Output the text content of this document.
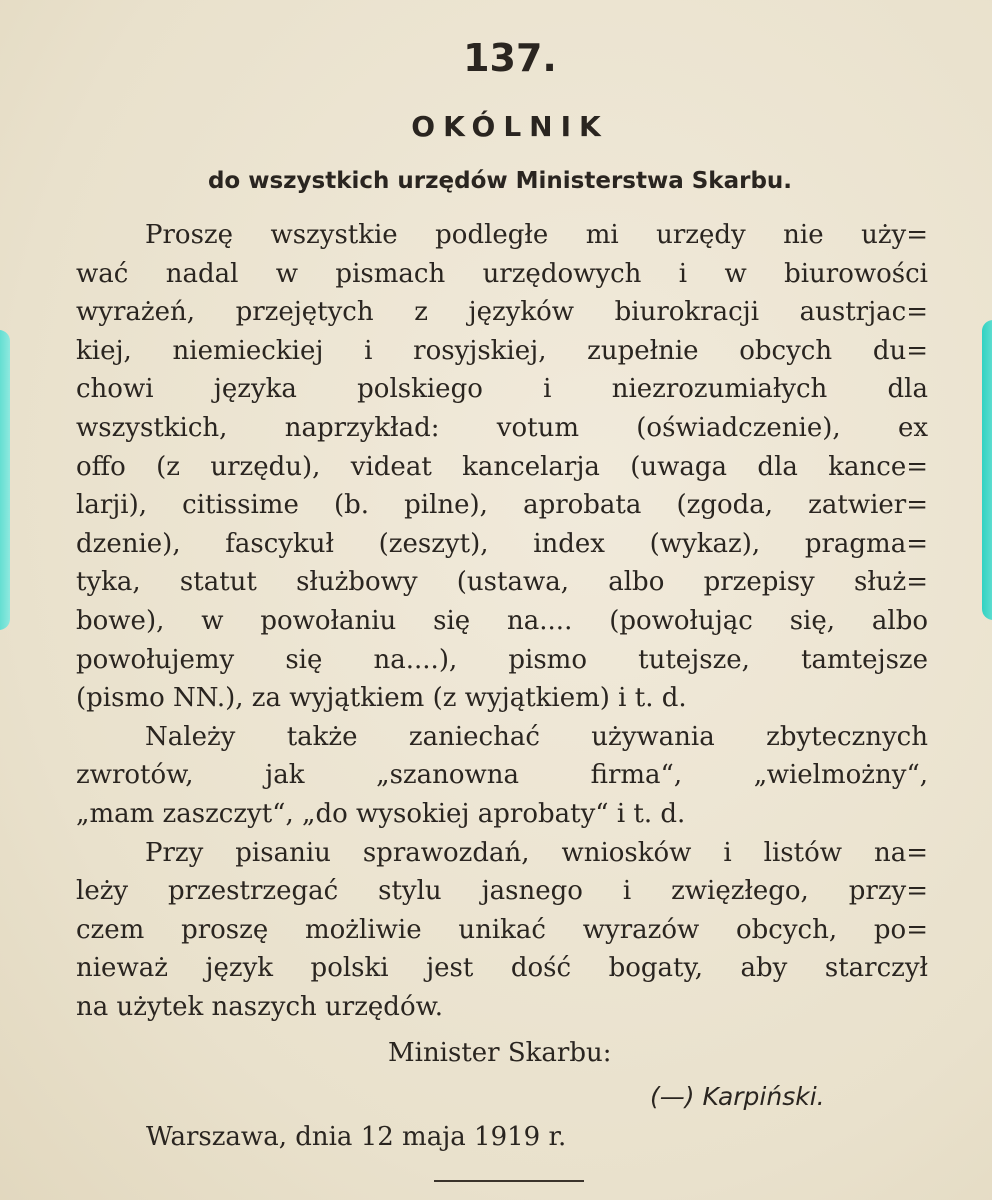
137.
OKÓLNIK
do wszystkich urzędów Ministerstwa Skarbu.
Proszę wszystkie podległe mi urzędy nie uży=
wać nadal w pismach urzędowych i w biurowości
wyrażeń, przejętych z języków biurokracji austrjac=
kiej, niemieckiej i rosyjskiej, zupełnie obcych du=
chowi języka polskiego i niezrozumiałych dla
wszystkich, naprzykład: votum (oświadczenie), ex
offo (z urzędu), videat kancelarja (uwaga dla kance=
larji), citissime (b. pilne), aprobata (zgoda, zatwier=
dzenie), fascykuł (zeszyt), index (wykaz), pragma=
tyka, statut służbowy (ustawa, albo przepisy służ=
bowe), w powołaniu się na.... (powołując się, albo
powołujemy się na....), pismo tutejsze, tamtejsze
(pismo NN.), za wyjątkiem (z wyjątkiem) i t. d.
Należy także zaniechać używania zbytecznych
zwrotów, jak „szanowna firma“, „wielmożny“,
„mam zaszczyt“, „do wysokiej aprobaty“ i t. d.
Przy pisaniu sprawozdań, wniosków i listów na=
leży przestrzegać stylu jasnego i zwięzłego, przy=
czem proszę możliwie unikać wyrazów obcych, po=
nieważ język polski jest dość bogaty, aby starczył
na użytek naszych urzędów.
Minister Skarbu:
(—) Karpiński.
Warszawa, dnia 12 maja 1919 r.
